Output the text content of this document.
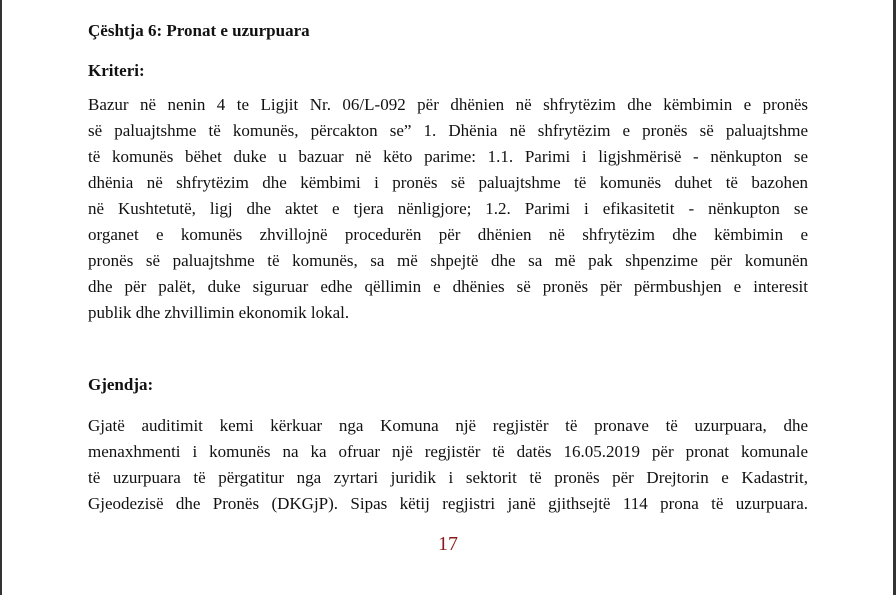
Çështja 6: Pronat e uzurpuara
Kriteri:
Bazur në nenin 4 te Ligjit Nr. 06/L-092 për dhënien në shfrytëzim dhe këmbimin e pronës
së paluajtshme të komunës, përcakton se” 1. Dhënia në shfrytëzim e pronës së paluajtshme
të komunës bëhet duke u bazuar në këto parime: 1.1. Parimi i ligjshmërisë - nënkupton se
dhënia në shfrytëzim dhe këmbimi i pronës së paluajtshme të komunës duhet të bazohen
në Kushtetutë, ligj dhe aktet e tjera nënligjore; 1.2. Parimi i efikasitetit - nënkupton se
organet e komunës zhvillojnë procedurën për dhënien në shfrytëzim dhe këmbimin e
pronës së paluajtshme të komunës, sa më shpejtë dhe sa më pak shpenzime për komunën
dhe për palët, duke siguruar edhe qëllimin e dhënies së pronës për përmbushjen e interesit
publik dhe zhvillimin ekonomik lokal.
Gjendja:
Gjatë auditimit kemi kërkuar nga Komuna një regjistër të pronave të uzurpuara, dhe
menaxhmenti i komunës na ka ofruar një regjistër të datës 16.05.2019 për pronat komunale
të uzurpuara të përgatitur nga zyrtari juridik i sektorit të pronës për Drejtorin e Kadastrit,
Gjeodezisë dhe Pronës (DKGjP). Sipas këtij regjistri janë gjithsejtë 114 prona të uzurpuara.
17
